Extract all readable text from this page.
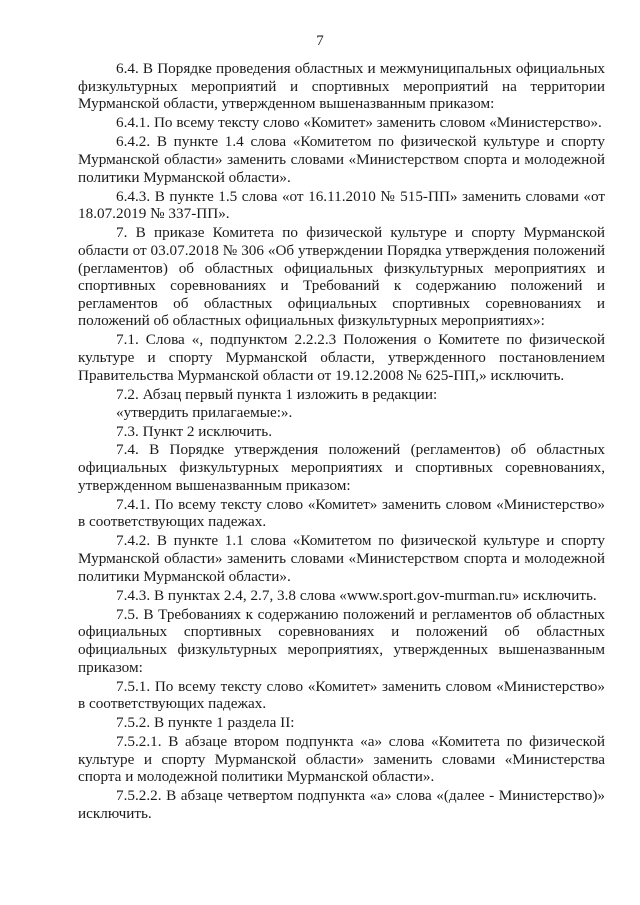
7

6.4. В Порядке проведения областных и межмуниципальных официальных физкультурных мероприятий и спортивных мероприятий на территории Мурманской области, утвержденном вышеназванным приказом:

6.4.1. По всему тексту слово «Комитет» заменить словом «Министерство».

6.4.2. В пункте 1.4 слова «Комитетом по физической культуре и спорту Мурманской области» заменить словами «Министерством спорта и молодежной политики Мурманской области».

6.4.3. В пункте 1.5 слова «от 16.11.2010 № 515-ПП» заменить словами «от 18.07.2019 № 337-ПП».

7. В приказе Комитета по физической культуре и спорту Мурманской области от 03.07.2018 № 306 «Об утверждении Порядка утверждения положений (регламентов) об областных официальных физкультурных мероприятиях и спортивных соревнованиях и Требований к содержанию положений и регламентов об областных официальных спортивных соревнованиях и положений об областных официальных физкультурных мероприятиях»:

7.1. Слова «, подпунктом 2.2.2.3 Положения о Комитете по физической культуре и спорту Мурманской области, утвержденного постановлением Правительства Мурманской области от 19.12.2008 № 625-ПП,» исключить.

7.2. Абзац первый пункта 1 изложить в редакции:

«утвердить прилагаемые:».

7.3. Пункт 2 исключить.

7.4. В Порядке утверждения положений (регламентов) об областных официальных физкультурных мероприятиях и спортивных соревнованиях, утвержденном вышеназванным приказом:

7.4.1. По всему тексту слово «Комитет» заменить словом «Министерство» в соответствующих падежах.

7.4.2. В пункте 1.1 слова «Комитетом по физической культуре и спорту Мурманской области» заменить словами «Министерством спорта и молодежной политики Мурманской области».

7.4.3. В пунктах 2.4, 2.7, 3.8 слова «www.sport.gov-murman.ru» исключить.

7.5. В Требованиях к содержанию положений и регламентов об областных официальных спортивных соревнованиях и положений об областных официальных физкультурных мероприятиях, утвержденных вышеназванным приказом:

7.5.1. По всему тексту слово «Комитет» заменить словом «Министерство» в соответствующих падежах.

7.5.2. В пункте 1 раздела II:

7.5.2.1. В абзаце втором подпункта «а» слова «Комитета по физической культуре и спорту Мурманской области» заменить словами «Министерства спорта и молодежной политики Мурманской области».

7.5.2.2. В абзаце четвертом подпункта «а» слова «(далее - Министерство)» исключить.
